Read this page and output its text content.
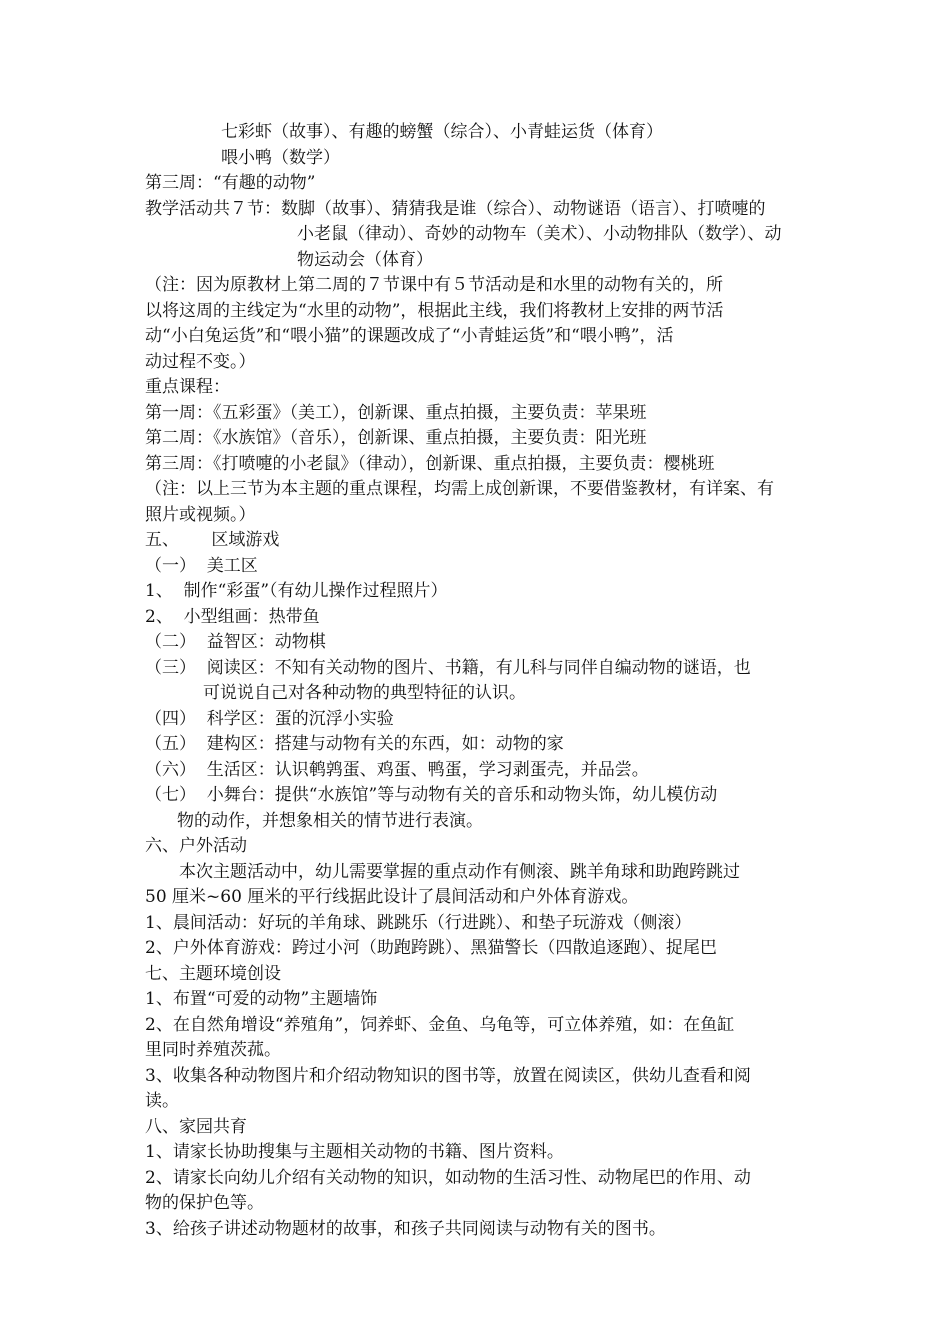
七彩虾（故事）、有趣的螃蟹（综合）、小青蛙运货（体育）
喂小鸭（数学）
第三周：“有趣的动物”
教学活动共７节：数脚（故事）、猜猜我是谁（综合）、动物谜语（语言）、打喷嚏的
小老鼠（律动）、奇妙的动物车（美术）、小动物排队（数学）、动
物运动会（体育）
（注：因为原教材上第二周的７节课中有５节活动是和水里的动物有关的，所
以将这周的主线定为“水里的动物”，根据此主线，我们将教材上安排的两节活
动“小白兔运货”和“喂小猫”的课题改成了“小青蛙运货”和“喂小鸭”，活
动过程不变。）
重点课程：
第一周：《五彩蛋》（美工），创新课、重点拍摄，主要负责：苹果班
第二周：《水族馆》（音乐），创新课、重点拍摄，主要负责：阳光班
第三周：《打喷嚏的小老鼠》（律动），创新课、重点拍摄，主要负责：樱桃班
（注：以上三节为本主题的重点课程，均需上成创新课，不要借鉴教材，有详案、有
照片或视频。）
五、      区域游戏
（一）  美工区
1、  制作“彩蛋”（有幼儿操作过程照片）
2、  小型组画：热带鱼
（二）  益智区：动物棋
（三）  阅读区：不知有关动物的图片、书籍，有儿科与同伴自编动物的谜语，也
可说说自己对各种动物的典型特征的认识。
（四）  科学区：蛋的沉浮小实验
（五）  建构区：搭建与动物有关的东西，如：动物的家
（六）  生活区：认识鹌鹑蛋、鸡蛋、鸭蛋，学习剥蛋壳，并品尝。
（七）  小舞台：提供“水族馆”等与动物有关的音乐和动物头饰，幼儿模仿动
物的动作，并想象相关的情节进行表演。
六、户外活动
本次主题活动中，幼儿需要掌握的重点动作有侧滚、跳羊角球和助跑跨跳过
50 厘米~60 厘米的平行线据此设计了晨间活动和户外体育游戏。
1、晨间活动：好玩的羊角球、跳跳乐（行进跳）、和垫子玩游戏（侧滚）
2、户外体育游戏：跨过小河（助跑跨跳）、黑猫警长（四散追逐跑）、捉尾巴
七、主题环境创设
1、布置“可爱的动物”主题墙饰
2、在自然角增设“养殖角”，饲养虾、金鱼、乌龟等，可立体养殖，如：在鱼缸
里同时养殖茨菰。
3、收集各种动物图片和介绍动物知识的图书等，放置在阅读区，供幼儿查看和阅
读。
八、家园共育
1、请家长协助搜集与主题相关动物的书籍、图片资料。
2、请家长向幼儿介绍有关动物的知识，如动物的生活习性、动物尾巴的作用、动
物的保护色等。
3、给孩子讲述动物题材的故事，和孩子共同阅读与动物有关的图书。
